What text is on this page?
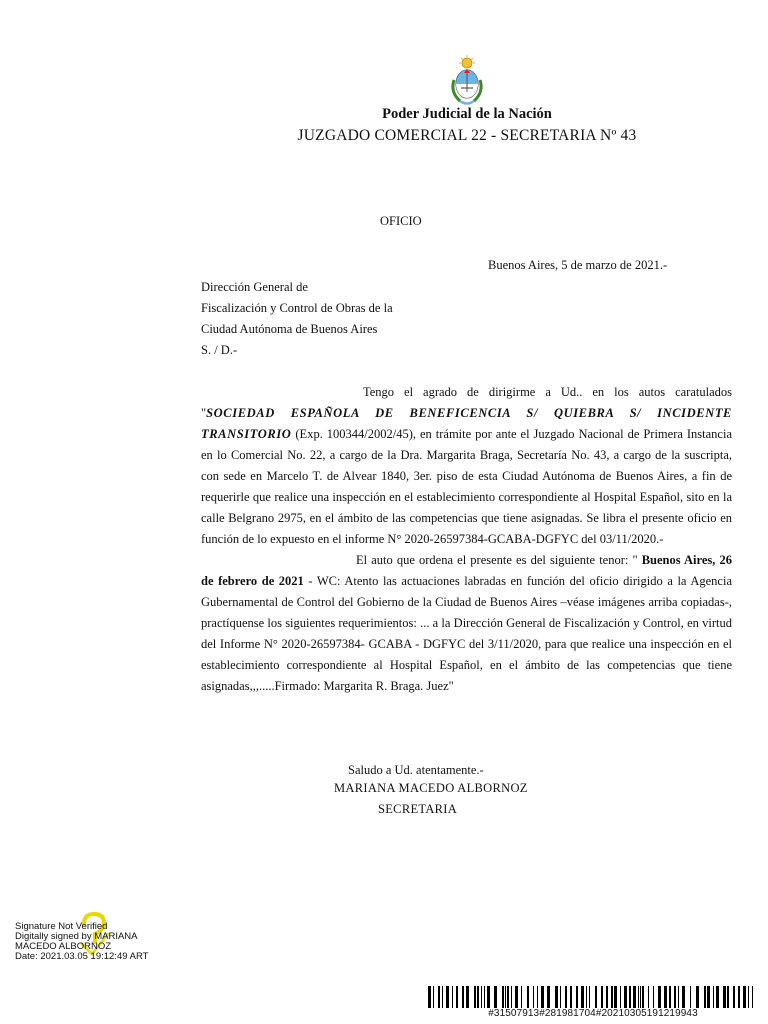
Poder Judicial de la Nación
JUZGADO COMERCIAL 22 - SECRETARIA Nº 43
OFICIO
Buenos Aires, 5 de marzo de 2021.-
Dirección General de
Fiscalización y Control de Obras de la
Ciudad Autónoma de Buenos Aires
S. / D.-

Tengo el agrado de dirigirme a Ud.. en los autos caratulados "SOCIEDAD ESPAÑOLA DE BENEFICENCIA S/ QUIEBRA S/ INCIDENTE TRANSITORIO (Exp. 100344/2002/45), en trámite por ante el Juzgado Nacional de Primera Instancia en lo Comercial No. 22, a cargo de la Dra. Margarita Braga, Secretaría No. 43, a cargo de la suscripta, con sede en Marcelo T. de Alvear 1840, 3er. piso de esta Ciudad Autónoma de Buenos Aires, a fin de requerirle que realice una inspección en el establecimiento correspondiente al Hospital Español, sito en la calle Belgrano 2975, en el ámbito de las competencias que tiene asignadas. Se libra el presente oficio en función de lo expuesto en el informe N° 2020-26597384-GCABA-DGFYC del 03/11/2020.-

El auto que ordena el presente es del siguiente tenor: " Buenos Aires, 26 de febrero de 2021 - WC: Atento las actuaciones labradas en función del oficio dirigido a la Agencia Gubernamental de Control del Gobierno de la Ciudad de Buenos Aires –véase imágenes arriba copiadas-, practíquense los siguientes requerimientos: ... a la Dirección General de Fiscalización y Control, en virtud del Informe N° 2020-26597384- GCABA - DGFYC del 3/11/2020, para que realice una inspección en el establecimiento correspondiente al Hospital Español, en el ámbito de las competencias que tiene asignadas,,,.....Firmado: Margarita R. Braga. Juez"

Saludo a Ud. atentamente.-
MARIANA MACEDO ALBORNOZ
SECRETARIA
Signature Not Verified
Digitally signed by MARIANA
MACEDO ALBORNOZ
Date: 2021.03.05 19:12:49 ART
#31507913#281981704#20210305191219943
